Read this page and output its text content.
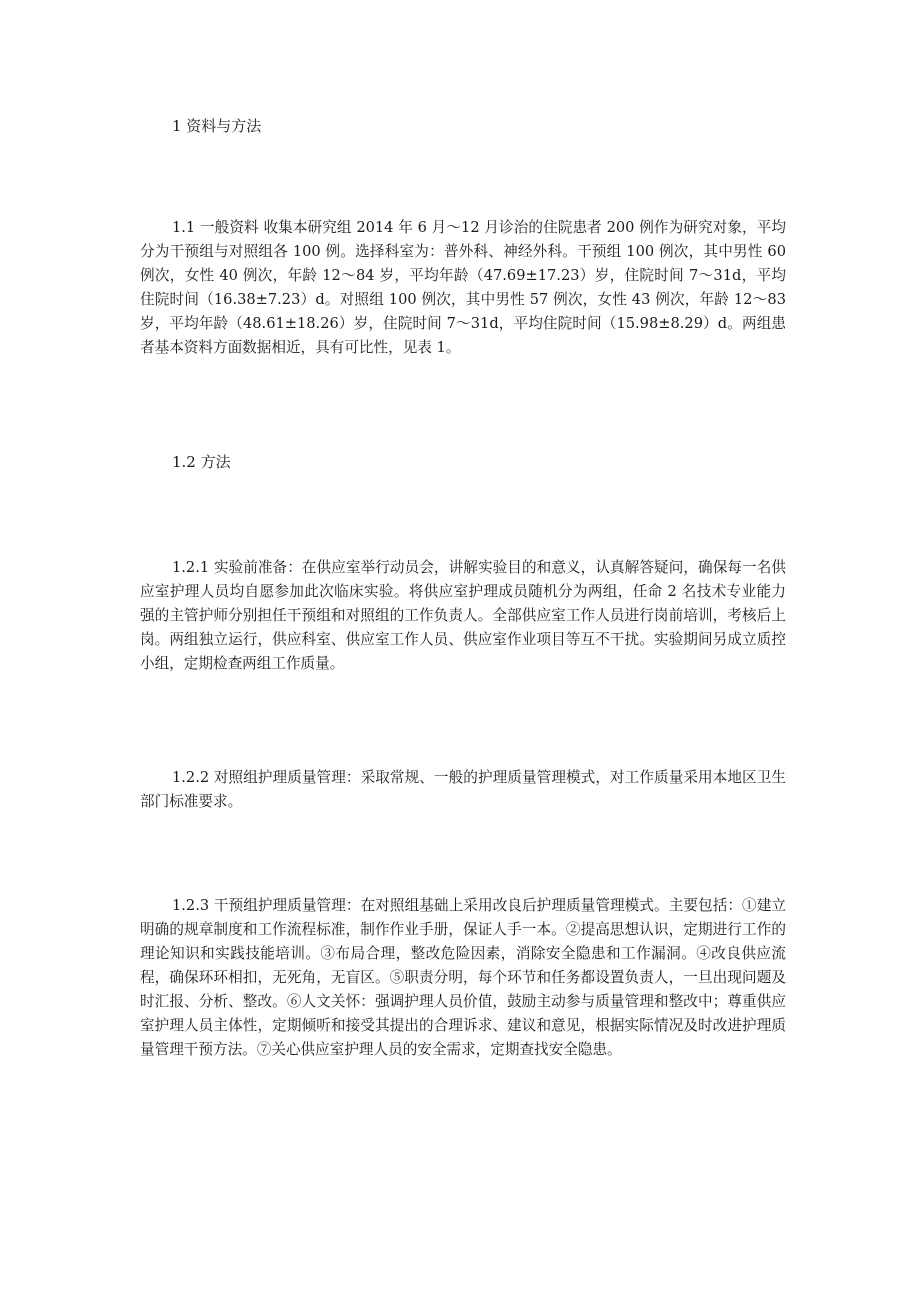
1 资料与方法

1.1 一般资料 收集本研究组 2014 年 6 月～12 月诊治的住院患者 200 例作为研究对象，平均分为干预组与对照组各 100 例。选择科室为：普外科、神经外科。干预组 100 例次，其中男性 60 例次，女性 40 例次，年龄 12～84 岁，平均年龄（47.69±17.23）岁，住院时间 7～31d，平均住院时间（16.38±7.23）d。对照组 100 例次，其中男性 57 例次，女性 43 例次，年龄 12～83 岁，平均年龄（48.61±18.26）岁，住院时间 7～31d，平均住院时间（15.98±8.29）d。两组患者基本资料方面数据相近，具有可比性，见表 1。

1.2 方法

1.2.1 实验前准备：在供应室举行动员会，讲解实验目的和意义，认真解答疑问，确保每一名供应室护理人员均自愿参加此次临床实验。将供应室护理成员随机分为两组，任命 2 名技术专业能力强的主管护师分别担任干预组和对照组的工作负责人。全部供应室工作人员进行岗前培训，考核后上岗。两组独立运行，供应科室、供应室工作人员、供应室作业项目等互不干扰。实验期间另成立质控小组，定期检查两组工作质量。

1.2.2 对照组护理质量管理：采取常规、一般的护理质量管理模式，对工作质量采用本地区卫生部门标准要求。

1.2.3 干预组护理质量管理：在对照组基础上采用改良后护理质量管理模式。主要包括：①建立明确的规章制度和工作流程标准，制作作业手册，保证人手一本。②提高思想认识，定期进行工作的理论知识和实践技能培训。③布局合理，整改危险因素，消除安全隐患和工作漏洞。④改良供应流程，确保环环相扣，无死角，无盲区。⑤职责分明，每个环节和任务都设置负责人，一旦出现问题及时汇报、分析、整改。⑥人文关怀：强调护理人员价值，鼓励主动参与质量管理和整改中；尊重供应室护理人员主体性，定期倾听和接受其提出的合理诉求、建议和意见，根据实际情况及时改进护理质量管理干预方法。⑦关心供应室护理人员的安全需求，定期查找安全隐患。
